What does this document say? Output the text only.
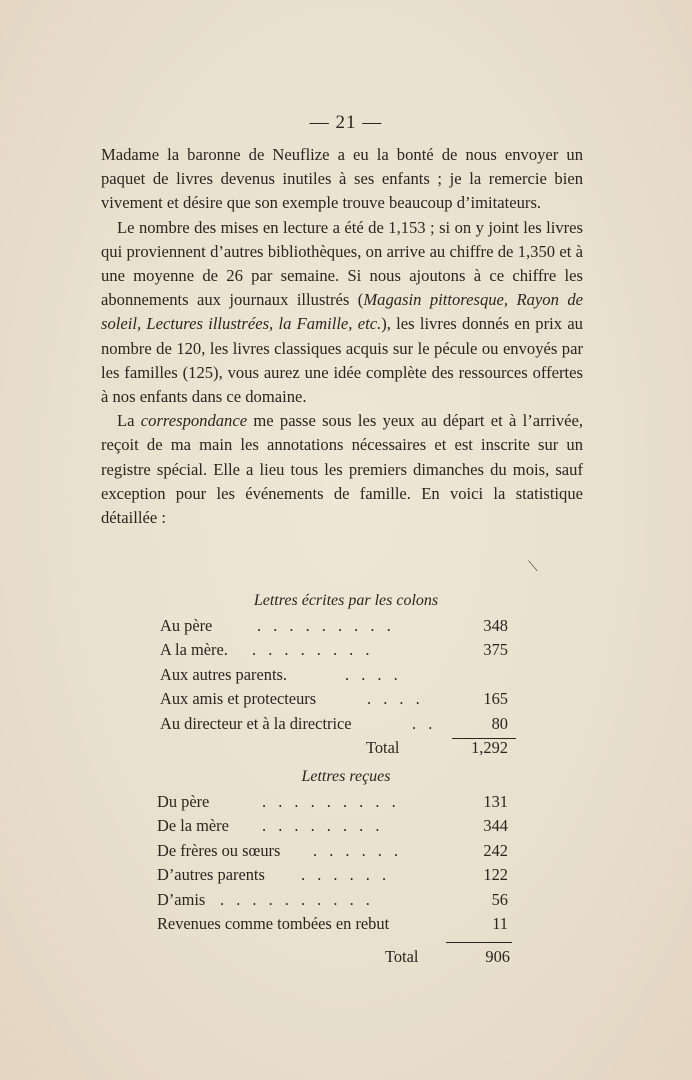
— 21 —

Madame la baronne de Neuflize a eu la bonté de nous envoyer un paquet de livres devenus inutiles à ses enfants ; je la remercie bien vivement et désire que son exemple trouve beaucoup d’imitateurs.

Le nombre des mises en lecture a été de 1,153 ; si on y joint les livres qui proviennent d’autres bibliothèques, on arrive au chiffre de 1,350 et à une moyenne de 26 par semaine. Si nous ajoutons à ce chiffre les abonnements aux journaux illustrés (Magasin pittoresque, Rayon de soleil, Lectures illustrées, la Famille, etc.), les livres donnés en prix au nombre de 120, les livres classiques acquis sur le pécule ou envoyés par les familles (125), vous aurez une idée complète des ressources offertes à nos enfants dans ce domaine.

La correspondance me passe sous les yeux au départ et à l’arrivée, reçoit de ma main les annotations nécessaires et est inscrite sur un registre spécial. Elle a lieu tous les premiers dimanches du mois, sauf exception pour les événements de famille. En voici la statistique détaillée :

Lettres écrites par les colons
Au père	. . . . . . . . .	348
A la mère. . . . . . . . .	375
Aux autres parents.	. . . .
Aux amis et protecteurs	. . . .	165
Au directeur et à la directrice	. .	80
Total	1,292
Lettres reçues
Du père	. . . . . . . . .	131
De la mère . . . . . . . .	344
De frères ou sœurs . . . . . .	242
D’autres parents . . . . . .	122
D’amis . . . . . . . . . .	56
Revenues comme tombées en rebut	11
Total	906
⟍
